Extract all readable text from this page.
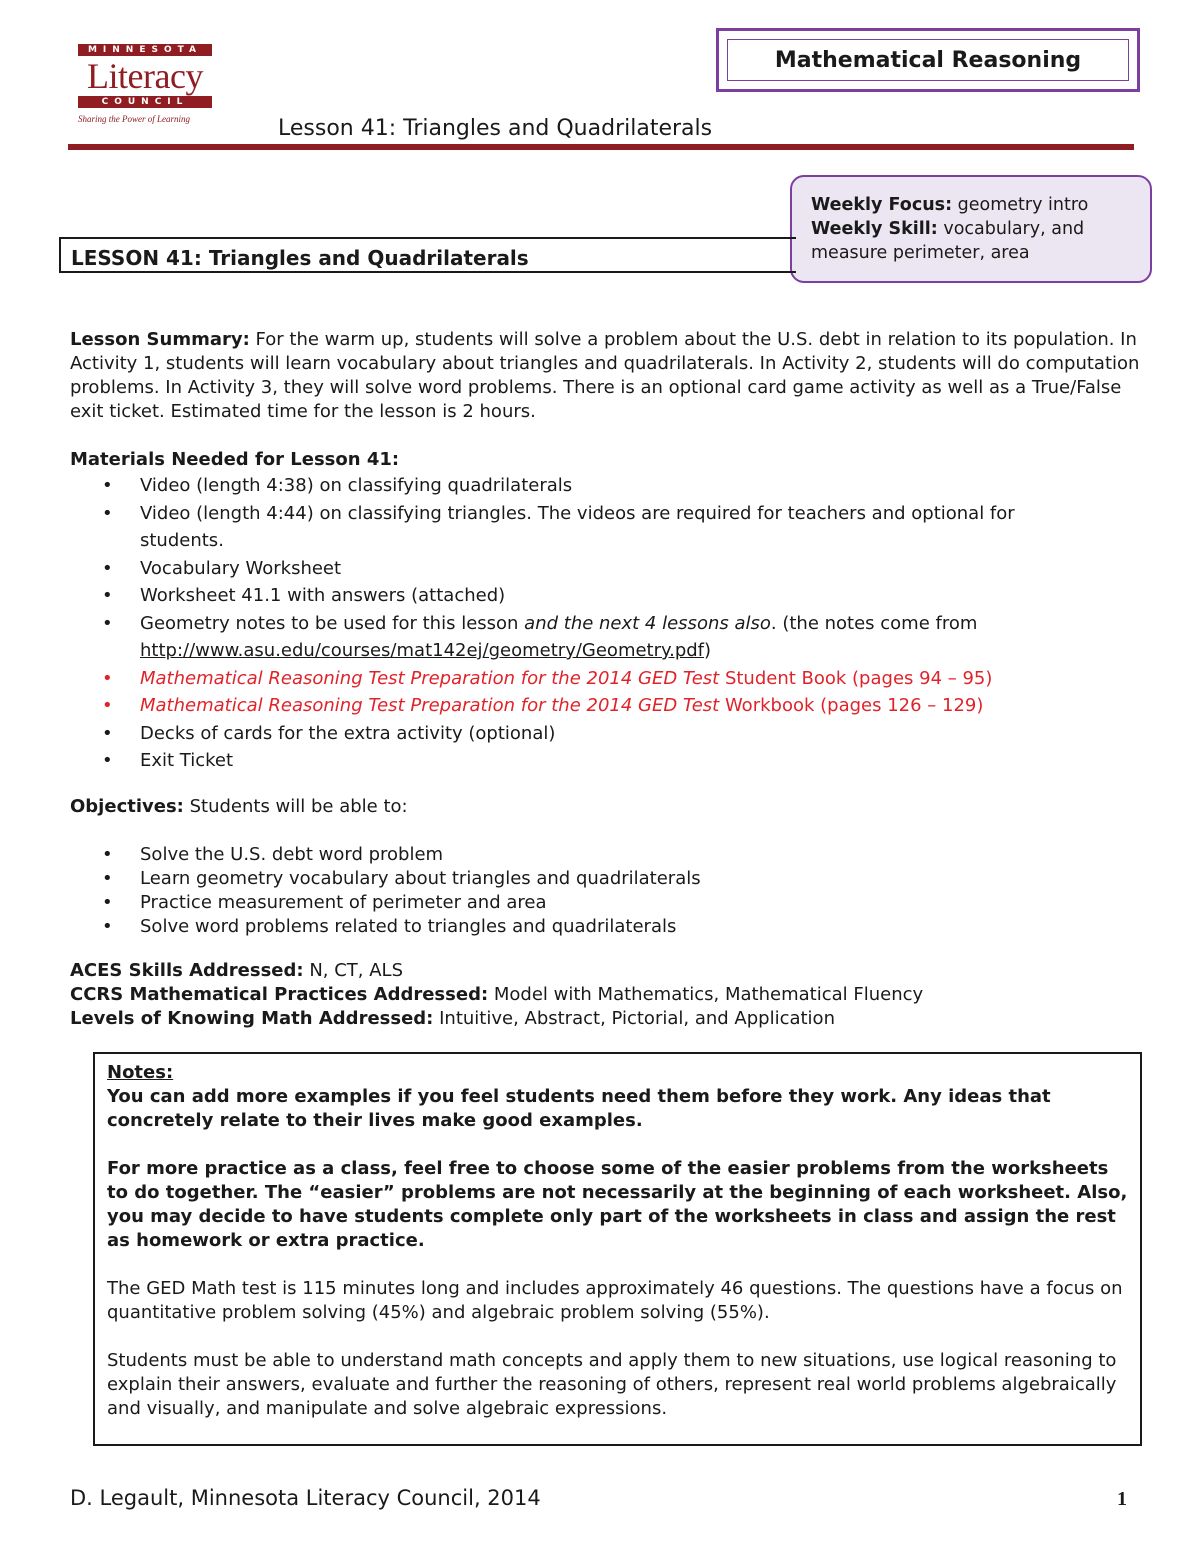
MINNESOTA
Literacy
COUNCIL
Sharing the Power of Learning
Mathematical Reasoning
Lesson 41: Triangles and Quadrilaterals
Weekly Focus: geometry intro
Weekly Skill: vocabulary, and
measure perimeter, area
LESSON 41: Triangles and Quadrilaterals
Lesson Summary: For the warm up, students will solve a problem about the U.S. debt in relation to its population. In Activity 1, students will learn vocabulary about triangles and quadrilaterals. In Activity 2, students will do computation problems. In Activity 3, they will solve word problems. There is an optional card game activity as well as a True/False exit ticket. Estimated time for the lesson is 2 hours.
Materials Needed for Lesson 41:
• Video (length 4:38) on classifying quadrilaterals
• Video (length 4:44) on classifying triangles. The videos are required for teachers and optional for students.
• Vocabulary Worksheet
• Worksheet 41.1 with answers (attached)
• Geometry notes to be used for this lesson and the next 4 lessons also. (the notes come from http://www.asu.edu/courses/mat142ej/geometry/Geometry.pdf)
• Mathematical Reasoning Test Preparation for the 2014 GED Test Student Book (pages 94 – 95)
• Mathematical Reasoning Test Preparation for the 2014 GED Test Workbook (pages 126 – 129)
• Decks of cards for the extra activity (optional)
• Exit Ticket
Objectives: Students will be able to:
• Solve the U.S. debt word problem
• Learn geometry vocabulary about triangles and quadrilaterals
• Practice measurement of perimeter and area
• Solve word problems related to triangles and quadrilaterals
ACES Skills Addressed: N, CT, ALS
CCRS Mathematical Practices Addressed: Model with Mathematics, Mathematical Fluency
Levels of Knowing Math Addressed: Intuitive, Abstract, Pictorial, and Application
Notes:
You can add more examples if you feel students need them before they work. Any ideas that concretely relate to their lives make good examples.
For more practice as a class, feel free to choose some of the easier problems from the worksheets to do together. The “easier” problems are not necessarily at the beginning of each worksheet. Also, you may decide to have students complete only part of the worksheets in class and assign the rest as homework or extra practice.
The GED Math test is 115 minutes long and includes approximately 46 questions. The questions have a focus on quantitative problem solving (45%) and algebraic problem solving (55%).
Students must be able to understand math concepts and apply them to new situations, use logical reasoning to explain their answers, evaluate and further the reasoning of others, represent real world problems algebraically and visually, and manipulate and solve algebraic expressions.
D. Legault, Minnesota Literacy Council, 2014	1
